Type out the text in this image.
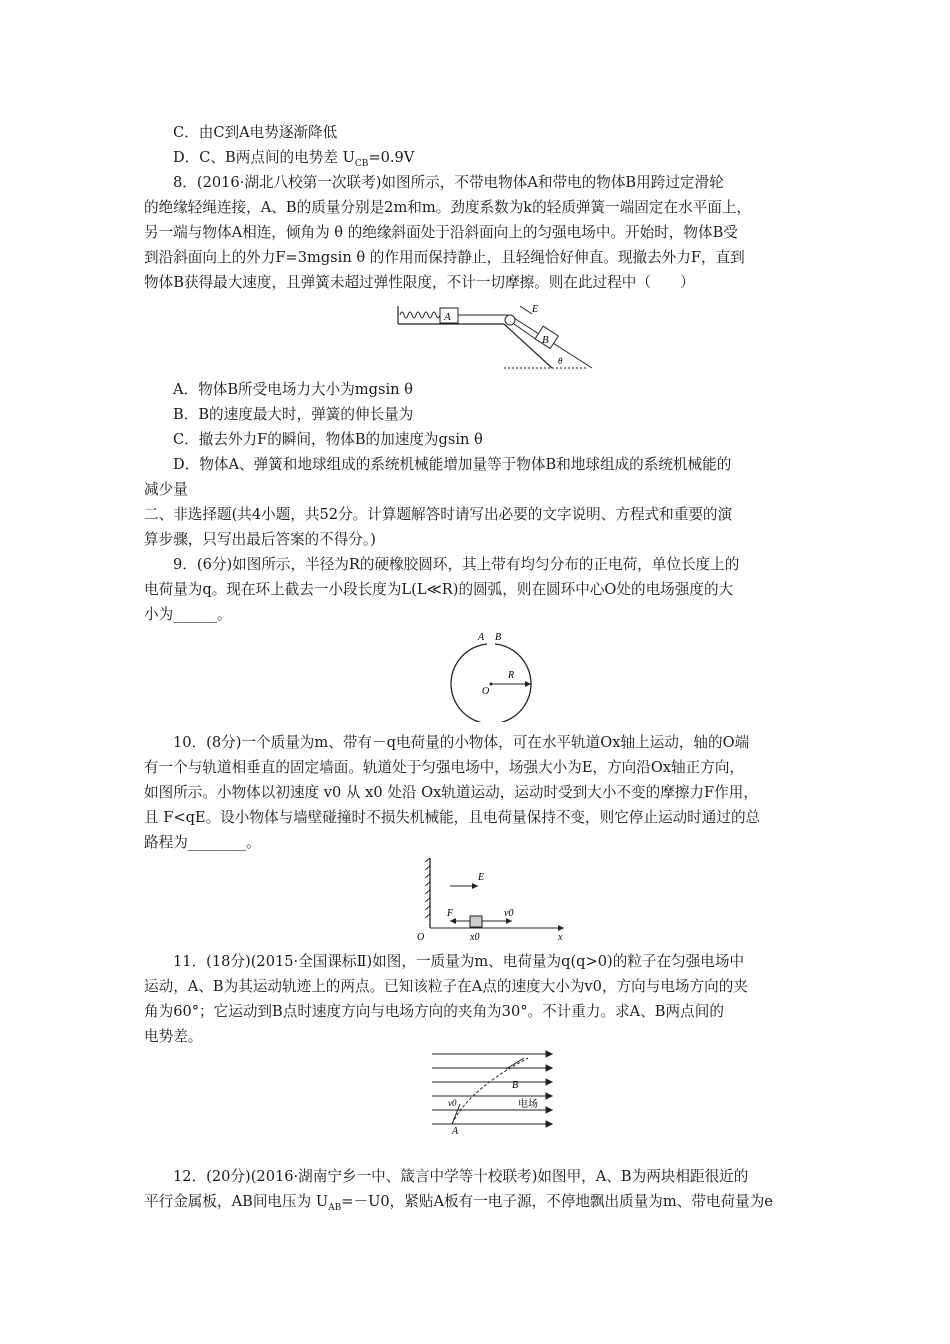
C．由C到A电势逐渐降低
D．C、B两点间的电势差 $U_{CB}=0.9V$
8．(2016·湖北八校第一次联考)如图所示，不带电物体A和带电的物体B用跨过定滑轮
的绝缘轻绳连接，A、B的质量分别是2m和m。劲度系数为k的轻质弹簧一端固定在水平面上，
另一端与物体A相连，倾角为 θ 的绝缘斜面处于沿斜面向上的匀强电场中。开始时，物体B受
到沿斜面向上的外力F=3mgsin θ 的作用而保持静止，且轻绳恰好伸直。现撤去外力F，直到
物体B获得最大速度，且弹簧未超过弹性限度，不计一切摩擦。则在此过程中（　　）
A
B
E
θ
A．物体B所受电场力大小为mgsin θ
B．B的速度最大时，弹簧的伸长量为
C．撤去外力F的瞬间，物体B的加速度为gsin θ
D．物体A、弹簧和地球组成的系统机械能增加量等于物体B和地球组成的系统机械能的
减少量
二、非选择题(共4小题，共52分。计算题解答时请写出必要的文字说明、方程式和重要的演
算步骤，只写出最后答案的不得分。)
9．(6分)如图所示，半径为R的硬橡胶圆环，其上带有均匀分布的正电荷，单位长度上的
电荷量为q。现在环上截去一小段长度为L(L≪R)的圆弧，则在圆环中心O处的电场强度的大
小为______。
A B
R
O
10．(8分)一个质量为m、带有－q电荷量的小物体，可在水平轨道Ox轴上运动，轴的O端
有一个与轨道相垂直的固定墙面。轨道处于匀强电场中，场强大小为E，方向沿Ox轴正方向，
如图所示。小物体以初速度 v0 从 x0 处沿 Ox轨道运动，运动时受到大小不变的摩擦力F作用，
且 F<qE。设小物体与墙壁碰撞时不损失机械能，且电荷量保持不变，则它停止运动时通过的总
路程为________。
E
F	v0
O	x0	x
11．(18分)(2015·全国课标Ⅱ)如图，一质量为m、电荷量为q(q>0)的粒子在匀强电场中
运动，A、B为其运动轨迹上的两点。已知该粒子在A点的速度大小为v0，方向与电场方向的夹
角为60°；它运动到B点时速度方向与电场方向的夹角为30°。不计重力。求A、B两点间的
电势差。
B
A
v0	电场
12．(20分)(2016·湖南宁乡一中、箴言中学等十校联考)如图甲，A、B为两块相距很近的
平行金属板，AB间电压为 $U_{AB}=-U0$，紧贴A板有一电子源，不停地飘出质量为m、带电荷量为e
